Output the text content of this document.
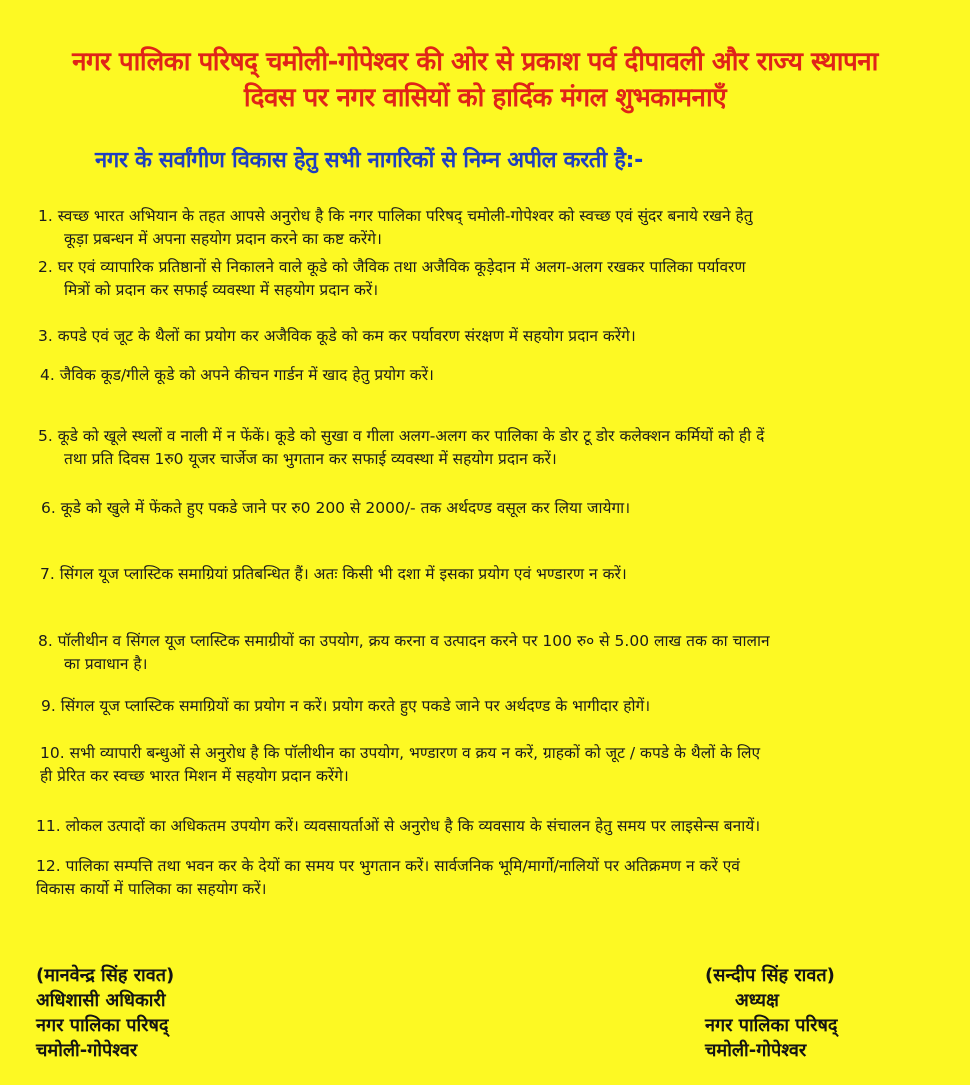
नगर पालिका परिषद् चमोली-गोपेश्वर की ओर से प्रकाश पर्व दीपावली और राज्य स्थापना
दिवस पर नगर वासियों को हार्दिक मंगल शुभकामनाएँ
नगर के सर्वांगीण विकास हेतु सभी नागरिकों से निम्न अपील करती है:-
1. स्वच्छ भारत अभियान के तहत आपसे अनुरोध है कि नगर पालिका परिषद् चमोली-गोपेश्वर को स्वच्छ एवं सुंदर बनाये रखने हेतु
कूड़ा प्रबन्धन में अपना सहयोग प्रदान करने का कष्ट करेंगे।
2. घर एवं व्यापारिक प्रतिष्ठानों से निकालने वाले कूडे को जैविक तथा अजैविक कूड़ेदान में अलग-अलग रखकर पालिका पर्यावरण
मित्रों को प्रदान कर सफाई व्यवस्था में सहयोग प्रदान करें।
3. कपडे एवं जूट के थैलों का प्रयोग कर अजैविक कूडे को कम कर पर्यावरण संरक्षण में सहयोग प्रदान करेंगे।
4. जैविक कूड/गीले कूडे को अपने कीचन गार्डन में खाद हेतु प्रयोग करें।
5. कूडे को खूले स्थलों व नाली में न फेंकें। कूडे को सुखा व गीला अलग-अलग कर पालिका के डोर टू डोर कलेक्शन कर्मियों को ही दें
तथा प्रति दिवस 1रु0 यूजर चार्जेज का भुगतान कर सफाई व्यवस्था में सहयोग प्रदान करें।
6. कूडे को खुले में फेंकते हुए पकडे जाने पर रु0 200 से 2000/- तक अर्थदण्ड वसूल कर लिया जायेगा।
7. सिंगल यूज प्लास्टिक समाग्रियां प्रतिबन्धित हैं। अतः किसी भी दशा में इसका प्रयोग एवं भण्डारण न करें।
8. पॉलीथीन व सिंगल यूज प्लास्टिक समाग्रीयों का उपयोग, क्रय करना व उत्पादन करने पर 100 रु० से 5.00 लाख तक का चालान
का प्रवाधान है।
9. सिंगल यूज प्लास्टिक समाग्रियों का प्रयोग न करें। प्रयोग करते हुए पकडे जाने पर अर्थदण्ड के भागीदार होगें।
10. सभी व्यापारी बन्धुओं से अनुरोध है कि पॉलीथीन का उपयोग, भण्डारण व क्रय न करें, ग्राहकों को जूट / कपडे के थैलों के लिए
ही प्रेरित कर स्वच्छ भारत मिशन में सहयोग प्रदान करेंगे।
11. लोकल उत्पादों का अधिकतम उपयोग करें। व्यवसायर्ताओं से अनुरोध है कि व्यवसाय के संचालन हेतु समय पर लाइसेन्स बनायें।
12. पालिका सम्पत्ति तथा भवन कर के देयों का समय पर भुगतान करें। सार्वजनिक भूमि/मार्गो/नालियों पर अतिक्रमण न करें एवं
विकास कार्यो में पालिका का सहयोग करें।
(मानवेन्द्र सिंह रावत)
अधिशासी अधिकारी
नगर पालिका परिषद्
चमोली-गोपेश्वर
(सन्दीप सिंह रावत)
अध्यक्ष
नगर पालिका परिषद्
चमोली-गोपेश्वर
